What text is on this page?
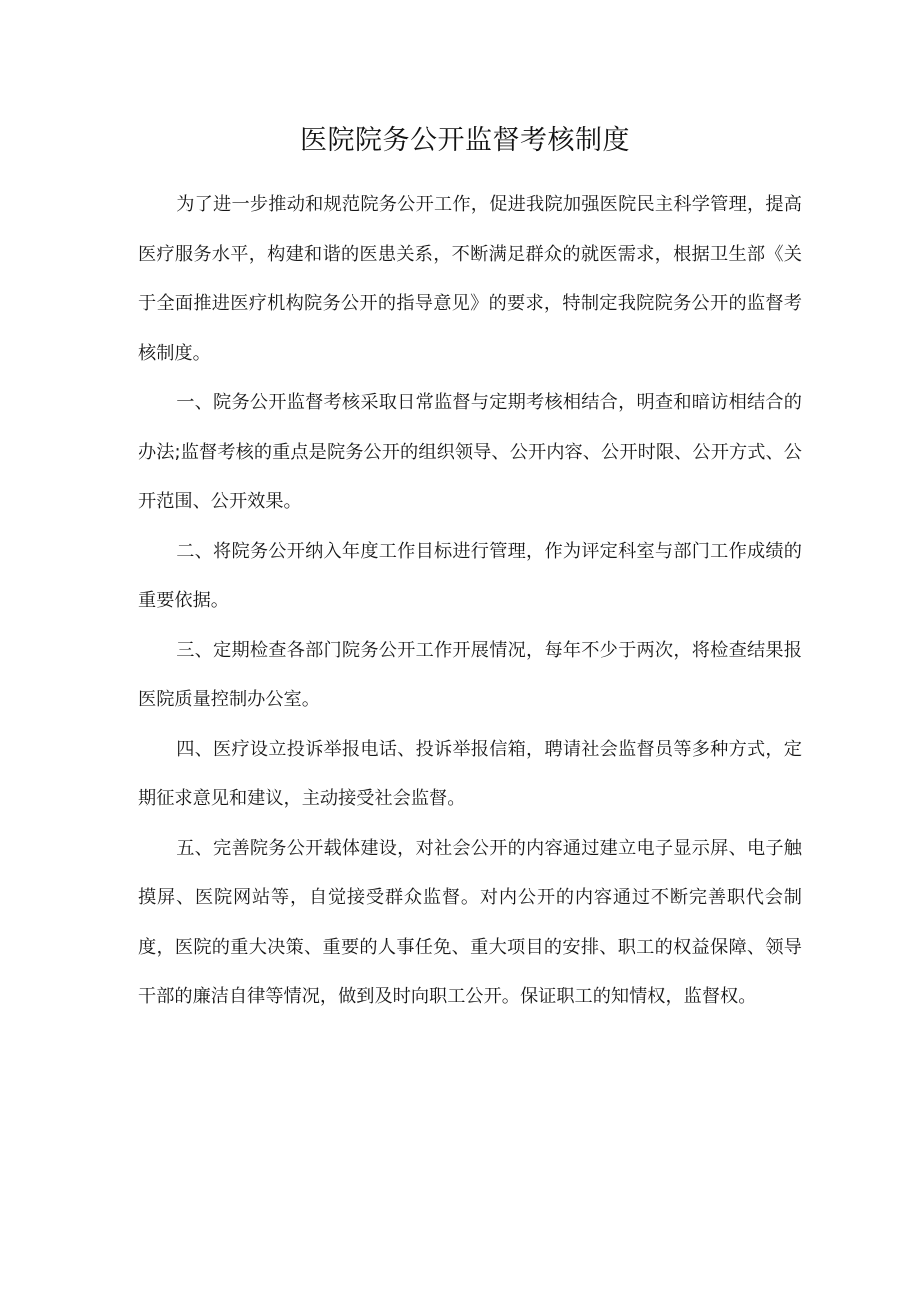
医院院务公开监督考核制度

为了进一步推动和规范院务公开工作，促进我院加强医院民主科学管理，提高医疗服务水平，构建和谐的医患关系，不断满足群众的就医需求，根据卫生部《关于全面推进医疗机构院务公开的指导意见》的要求，特制定我院院务公开的监督考核制度。

一、院务公开监督考核采取日常监督与定期考核相结合，明查和暗访相结合的办法;监督考核的重点是院务公开的组织领导、公开内容、公开时限、公开方式、公开范围、公开效果。

二、将院务公开纳入年度工作目标进行管理，作为评定科室与部门工作成绩的重要依据。

三、定期检查各部门院务公开工作开展情况，每年不少于两次，将检查结果报医院质量控制办公室。

四、医疗设立投诉举报电话、投诉举报信箱，聘请社会监督员等多种方式，定期征求意见和建议，主动接受社会监督。

五、完善院务公开载体建设，对社会公开的内容通过建立电子显示屏、电子触摸屏、医院网站等，自觉接受群众监督。对内公开的内容通过不断完善职代会制度，医院的重大决策、重要的人事任免、重大项目的安排、职工的权益保障、领导干部的廉洁自律等情况，做到及时向职工公开。保证职工的知情权，监督权。
